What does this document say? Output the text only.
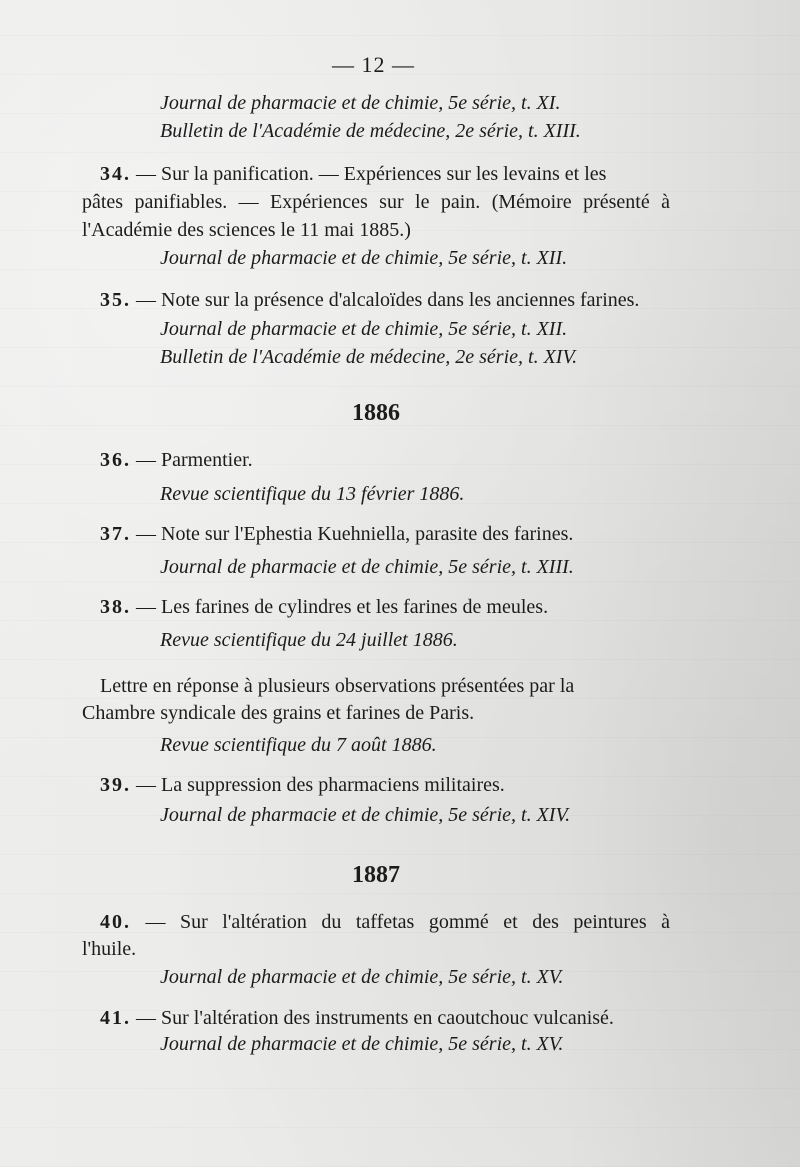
— 12 —
Journal de pharmacie et de chimie, 5e série, t. XI.
Bulletin de l'Académie de médecine, 2e série, t. XIII.
34. — Sur la panification. — Expériences sur les levains et les
pâtes panifiables. — Expériences sur le pain. (Mémoire présenté à
l'Académie des sciences le 11 mai 1885.)
Journal de pharmacie et de chimie, 5e série, t. XII.
35. — Note sur la présence d'alcaloïdes dans les anciennes farines.
Journal de pharmacie et de chimie, 5e série, t. XII.
Bulletin de l'Académie de médecine, 2e série, t. XIV.
1886
36. — Parmentier.
Revue scientifique du 13 février 1886.
37. — Note sur l'Ephestia Kuehniella, parasite des farines.
Journal de pharmacie et de chimie, 5e série, t. XIII.
38. — Les farines de cylindres et les farines de meules.
Revue scientifique du 24 juillet 1886.
Lettre en réponse à plusieurs observations présentées par la
Chambre syndicale des grains et farines de Paris.
Revue scientifique du 7 août 1886.
39. — La suppression des pharmaciens militaires.
Journal de pharmacie et de chimie, 5e série, t. XIV.
1887
40. — Sur l'altération du taffetas gommé et des peintures à
l'huile.
Journal de pharmacie et de chimie, 5e série, t. XV.
41. — Sur l'altération des instruments en caoutchouc vulcanisé.
Journal de pharmacie et de chimie, 5e série, t. XV.
